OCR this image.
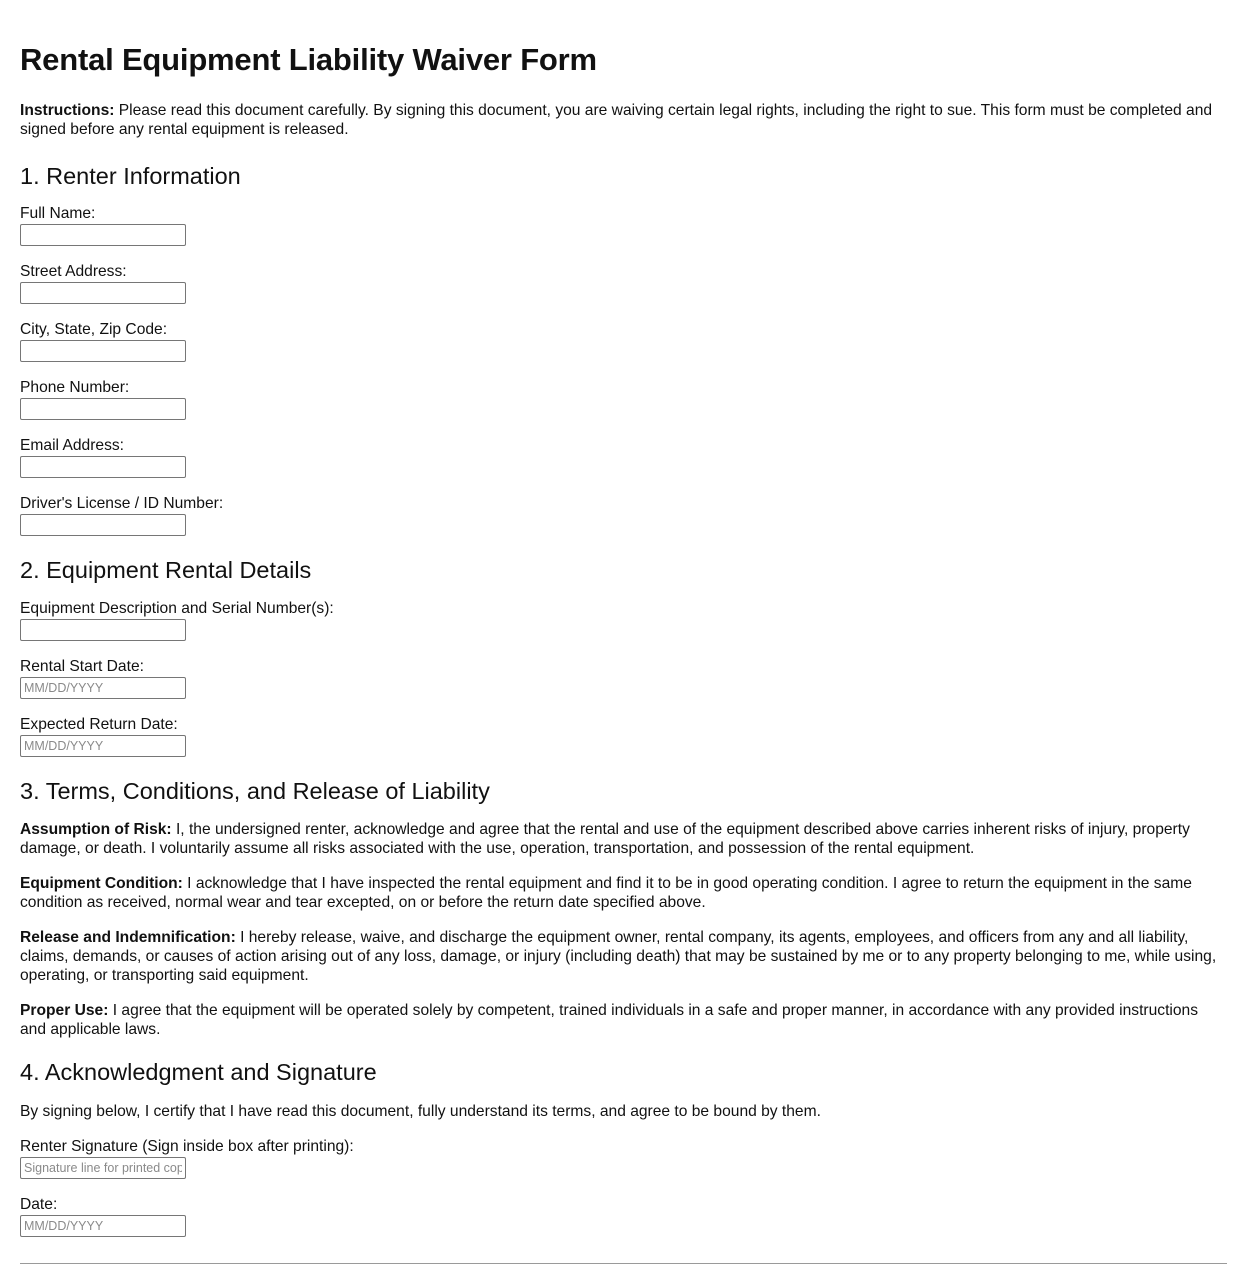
Rental Equipment Liability Waiver Form

Instructions: Please read this document carefully. By signing this document, you are waiving certain legal rights, including the right to sue. This form must be completed and signed before any rental equipment is released.

1. Renter Information
Full Name:
Street Address:
City, State, Zip Code:
Phone Number:
Email Address:
Driver's License / ID Number:
2. Equipment Rental Details
Equipment Description and Serial Number(s):
Rental Start Date:
MM/DD/YYYY
Expected Return Date:
MM/DD/YYYY
3. Terms, Conditions, and Release of Liability

Assumption of Risk: I, the undersigned renter, acknowledge and agree that the rental and use of the equipment described above carries inherent risks of injury, property damage, or death. I voluntarily assume all risks associated with the use, operation, transportation, and possession of the rental equipment.

Equipment Condition: I acknowledge that I have inspected the rental equipment and find it to be in good operating condition. I agree to return the equipment in the same condition as received, normal wear and tear excepted, on or before the return date specified above.

Release and Indemnification: I hereby release, waive, and discharge the equipment owner, rental company, its agents, employees, and officers from any and all liability, claims, demands, or causes of action arising out of any loss, damage, or injury (including death) that may be sustained by me or to any property belonging to me, while using, operating, or transporting said equipment.

Proper Use: I agree that the equipment will be operated solely by competent, trained individuals in a safe and proper manner, in accordance with any provided instructions and applicable laws.

4. Acknowledgment and Signature

By signing below, I certify that I have read this document, fully understand its terms, and agree to be bound by them.

Renter Signature (Sign inside box after printing):
Signature line for printed copy
Date:
MM/DD/YYYY
